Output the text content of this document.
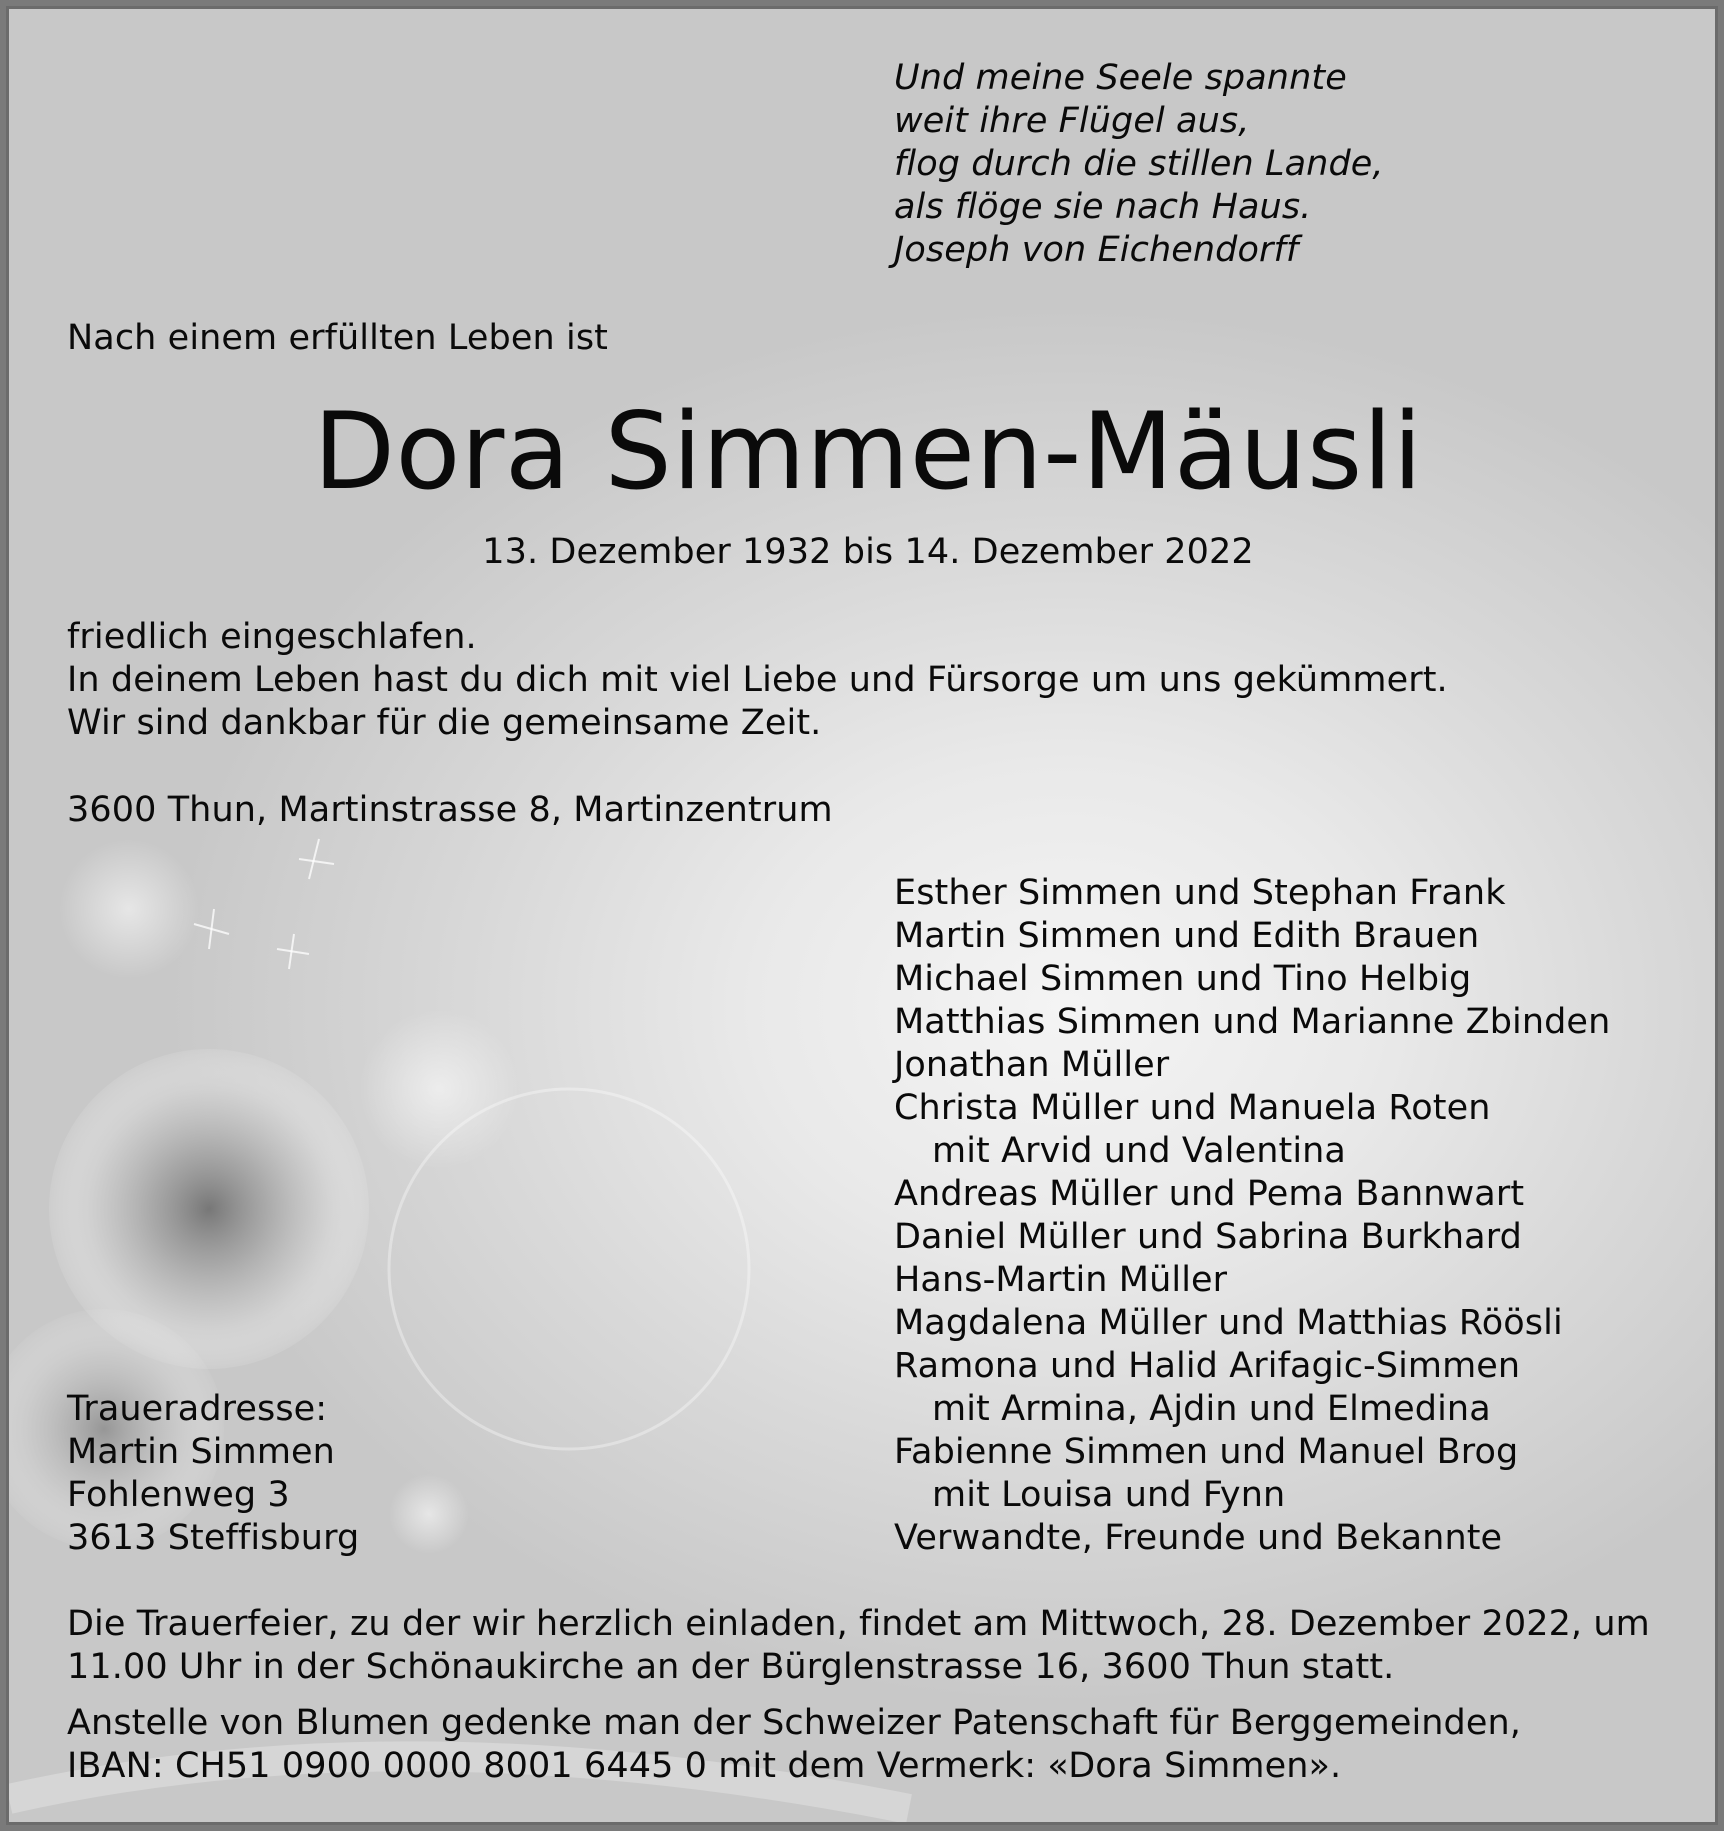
Und meine Seele spannte
weit ihre Flügel aus,
flog durch die stillen Lande,
als flöge sie nach Haus.
Joseph von Eichendorff
Nach einem erfüllten Leben ist
Dora Simmen-Mäusli
13. Dezember 1932 bis 14. Dezember 2022
friedlich eingeschlafen.
In deinem Leben hast du dich mit viel Liebe und Fürsorge um uns gekümmert.
Wir sind dankbar für die gemeinsame Zeit.
3600 Thun, Martinstrasse 8, Martinzentrum
Esther Simmen und Stephan Frank
Martin Simmen und Edith Brauen
Michael Simmen und Tino Helbig
Matthias Simmen und Marianne Zbinden
Jonathan Müller
Christa Müller und Manuela Roten
mit Arvid und Valentina
Andreas Müller und Pema Bannwart
Daniel Müller und Sabrina Burkhard
Hans-Martin Müller
Magdalena Müller und Matthias Röösli
Ramona und Halid Arifagic-Simmen
mit Armina, Ajdin und Elmedina
Fabienne Simmen und Manuel Brog
mit Louisa und Fynn
Verwandte, Freunde und Bekannte
Traueradresse:
Martin Simmen
Fohlenweg 3
3613 Steffisburg
Die Trauerfeier, zu der wir herzlich einladen, findet am Mittwoch, 28. Dezember 2022, um
11.00 Uhr in der Schönaukirche an der Bürglenstrasse 16, 3600 Thun statt.
Anstelle von Blumen gedenke man der Schweizer Patenschaft für Berggemeinden,
IBAN: CH51 0900 0000 8001 6445 0 mit dem Vermerk: «Dora Simmen».
